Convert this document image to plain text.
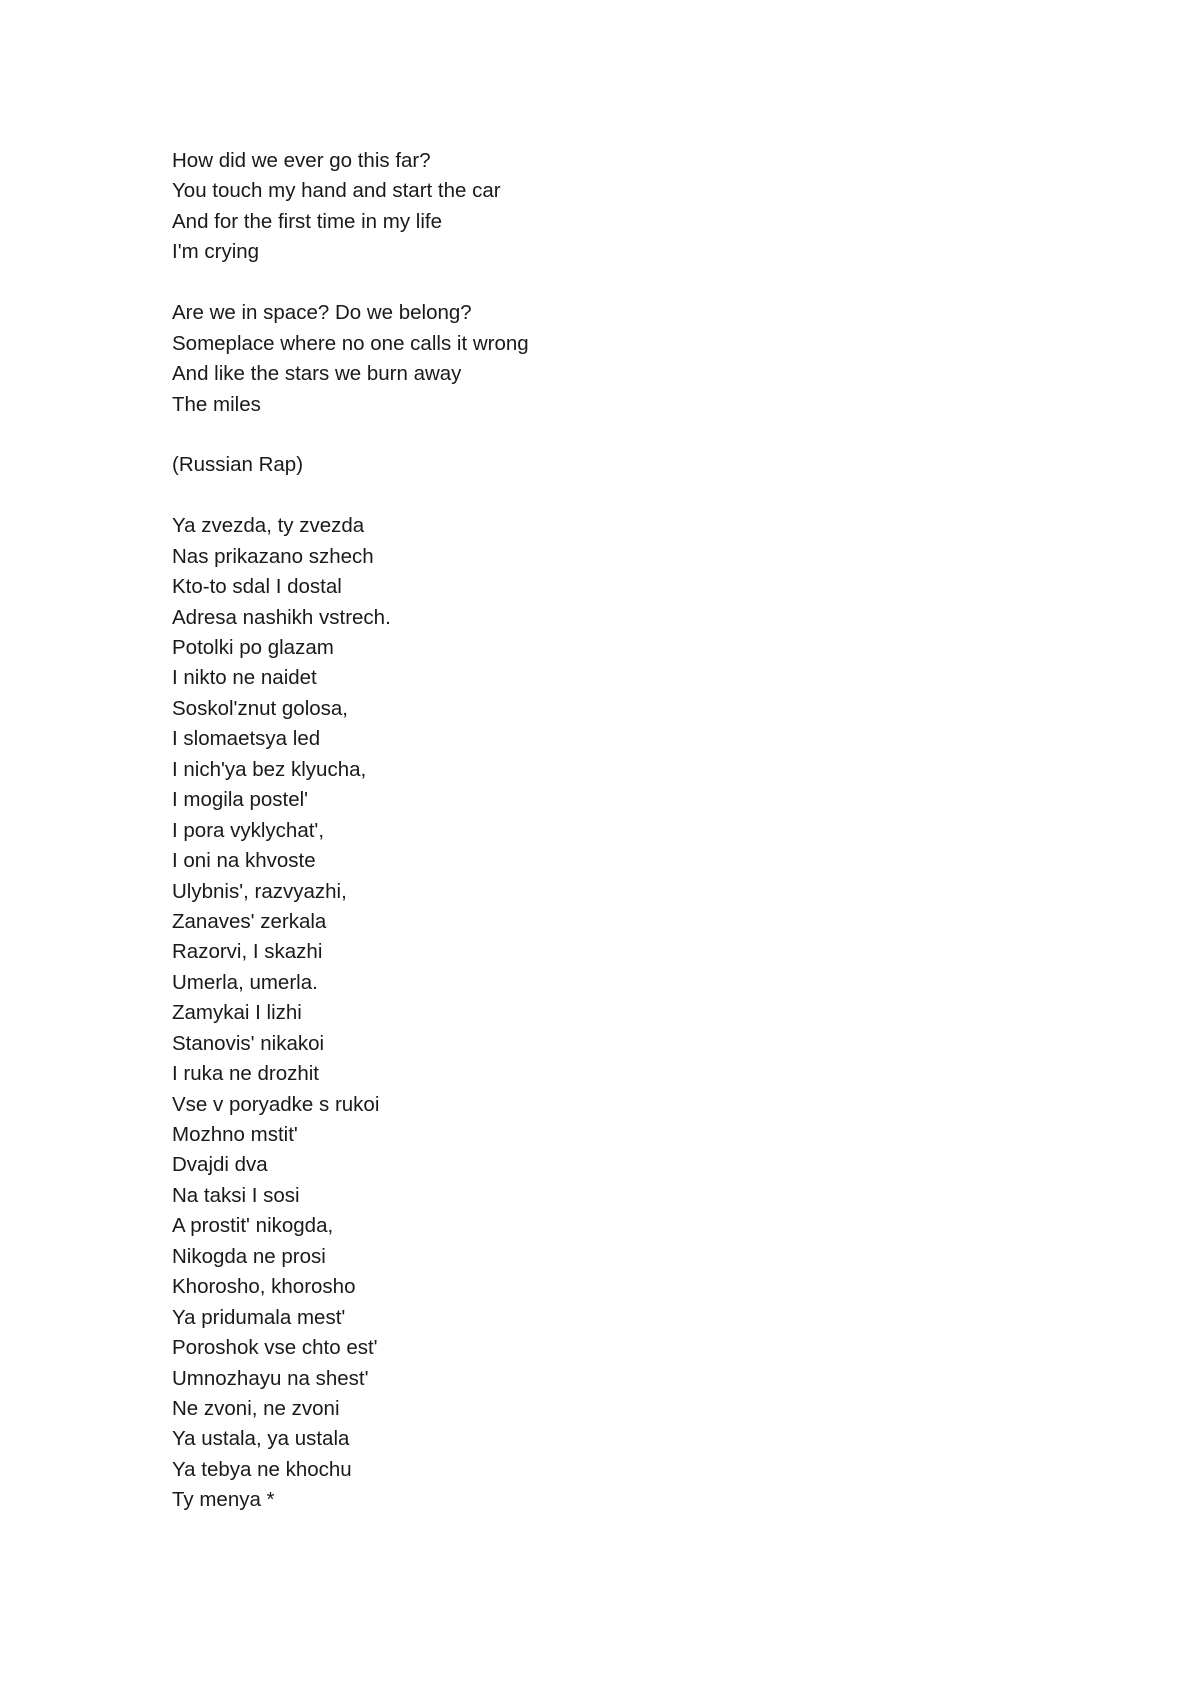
How did we ever go this far?
You touch my hand and start the car
And for the first time in my life
I'm crying
Are we in space? Do we belong?
Someplace where no one calls it wrong
And like the stars we burn away
The miles
(Russian Rap)
Ya zvezda, ty zvezda
Nas prikazano szhech
Kto-to sdal I dostal
Adresa nashikh vstrech.
Potolki po glazam
I nikto ne naidet
Soskol'znut golosa,
I slomaetsya led
I nich'ya bez klyucha,
I mogila postel'
I pora vyklychat',
I oni na khvoste
Ulybnis', razvyazhi,
Zanaves' zerkala
Razorvi, I skazhi
Umerla, umerla.
Zamykai I lizhi
Stanovis' nikakoi
I ruka ne drozhit
Vse v poryadke s rukoi
Mozhno mstit'
Dvajdi dva
Na taksi I sosi
A prostit' nikogda,
Nikogda ne prosi
Khorosho, khorosho
Ya pridumala mest'
Poroshok vse chto est'
Umnozhayu na shest'
Ne zvoni, ne zvoni
Ya ustala, ya ustala
Ya tebya ne khochu
Ty menya *
